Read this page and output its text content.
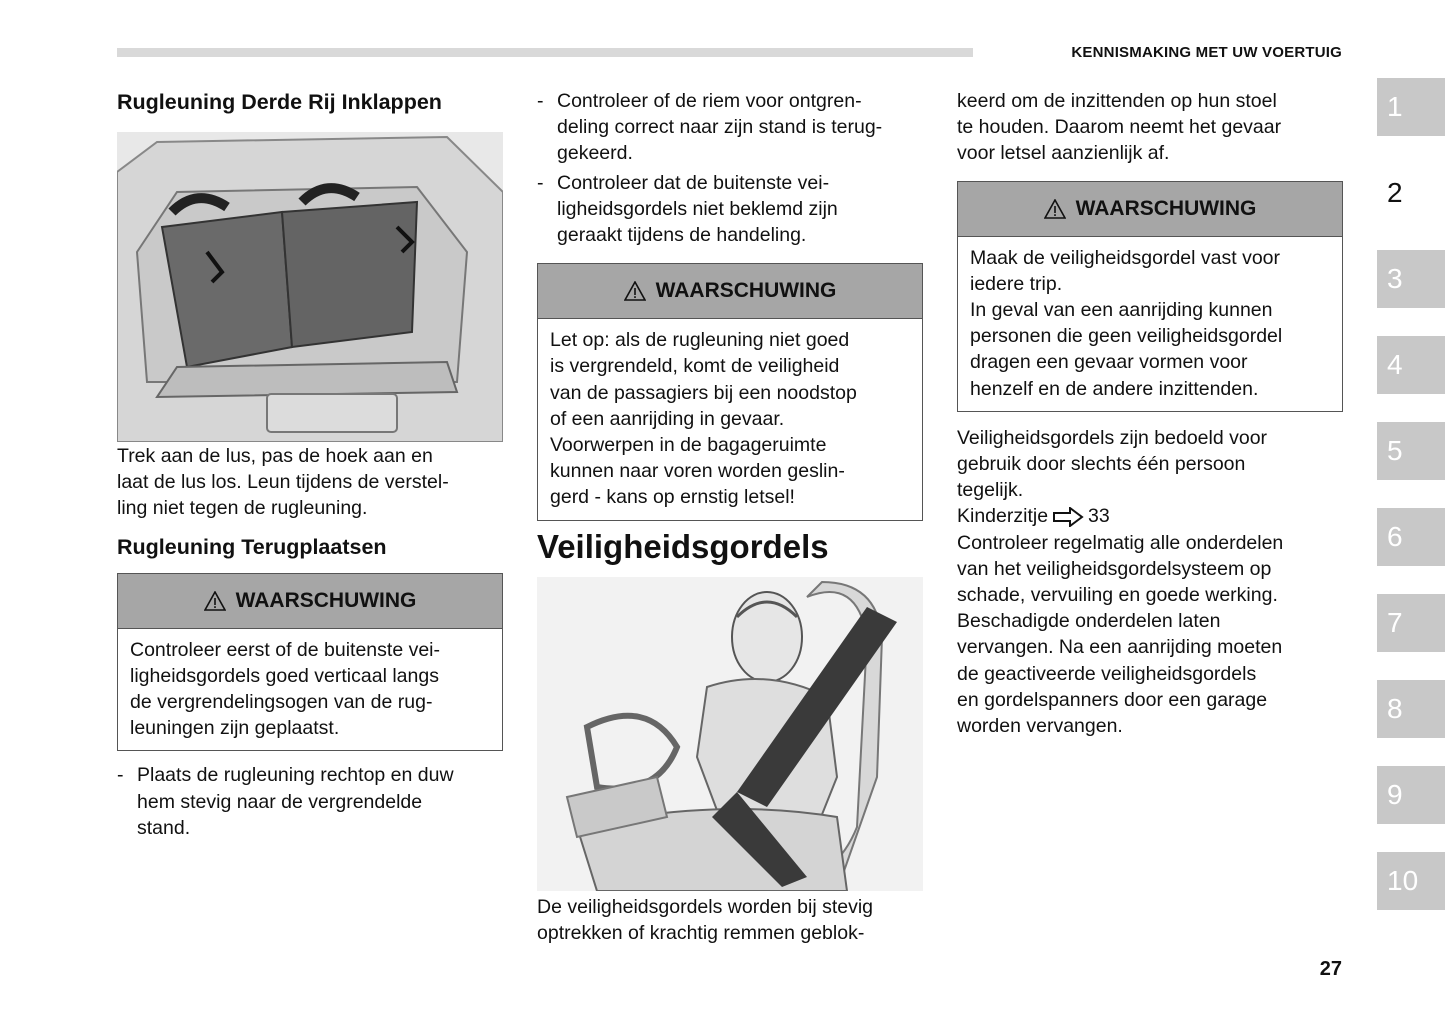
KENNISMAKING MET UW VOERTUIG
Rugleuning Derde Rij Inklappen

Trek aan de lus, pas de hoek aan en
laat de lus los. Leun tijdens de verstel-
ling niet tegen de rugleuning.

Rugleuning Terugplaatsen
WAARSCHUWING
Controleer eerst of de buitenste vei-
ligheidsgordels goed verticaal langs
de vergrendelingsogen van de rug-
leuningen zijn geplaatst.
- Plaats de rugleuning rechtop en duw
hem stevig naar de vergrendelde
stand.
- Controleer of de riem voor ontgren-
deling correct naar zijn stand is terug-
gekeerd.
- Controleer dat de buitenste vei-
ligheidsgordels niet beklemd zijn
geraakt tijdens de handeling.
WAARSCHUWING
Let op: als de rugleuning niet goed
is vergrendeld, komt de veiligheid
van de passagiers bij een noodstop
of een aanrijding in gevaar.
Voorwerpen in de bagageruimte
kunnen naar voren worden geslin-
gerd - kans op ernstig letsel!
Veiligheidsgordels

De veiligheidsgordels worden bij stevig
optrekken of krachtig remmen geblok-

keerd om de inzittenden op hun stoel
te houden. Daarom neemt het gevaar
voor letsel aanzienlijk af.

WAARSCHUWING
Maak de veiligheidsgordel vast voor
iedere trip.
In geval van een aanrijding kunnen
personen die geen veiligheidsgordel
dragen een gevaar vormen voor
henzelf en de andere inzittenden.

Veiligheidsgordels zijn bedoeld voor
gebruik door slechts één persoon
tegelijk.

Kinderzitje 33

Controleer regelmatig alle onderdelen
van het veiligheidsgordelsysteem op
schade, vervuiling en goede werking.
Beschadigde onderdelen laten
vervangen. Na een aanrijding moeten
de geactiveerde veiligheidsgordels
en gordelspanners door een garage
worden vervangen.

1
2
3
4
5
6
7
8
9
10
27
